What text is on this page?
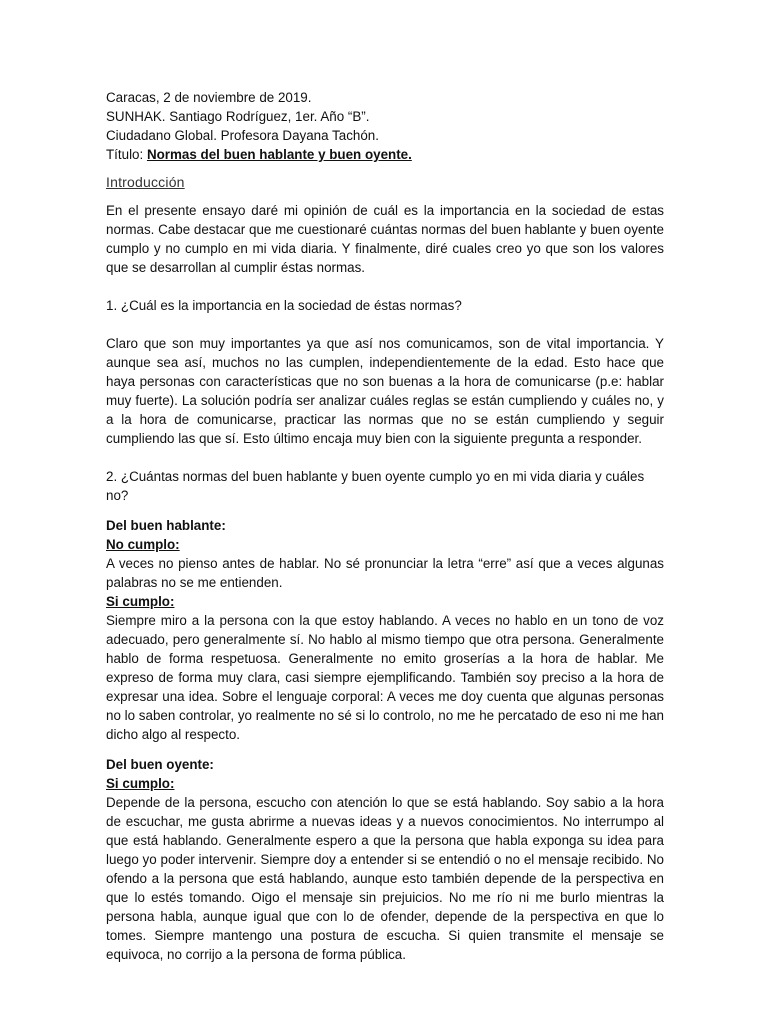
Caracas, 2 de noviembre de 2019.
SUNHAK. Santiago Rodríguez, 1er. Año “B”.
Ciudadano Global. Profesora Dayana Tachón.
Título: Normas del buen hablante y buen oyente.
Introducción
En el presente ensayo daré mi opinión de cuál es la importancia en la sociedad de estas normas. Cabe destacar que me cuestionaré cuántas normas del buen hablante y buen oyente cumplo y no cumplo en mi vida diaria. Y finalmente, diré cuales creo yo que son los valores que se desarrollan al cumplir éstas normas.
1. ¿Cuál es la importancia en la sociedad de éstas normas?
Claro que son muy importantes ya que así nos comunicamos, son de vital importancia. Y aunque sea así, muchos no las cumplen, independientemente de la edad. Esto hace que haya personas con características que no son buenas a la hora de comunicarse (p.e: hablar muy fuerte). La solución podría ser analizar cuáles reglas se están cumpliendo y cuáles no, y a la hora de comunicarse, practicar las normas que no se están cumpliendo y seguir cumpliendo las que sí. Esto último encaja muy bien con la siguiente pregunta a responder.
2. ¿Cuántas normas del buen hablante y buen oyente cumplo yo en mi vida diaria y cuáles no?
Del buen hablante:
No cumplo:
A veces no pienso antes de hablar. No sé pronunciar la letra “erre” así que a veces algunas palabras no se me entienden.
Si cumplo:
Siempre miro a la persona con la que estoy hablando. A veces no hablo en un tono de voz adecuado, pero generalmente sí. No hablo al mismo tiempo que otra persona. Generalmente hablo de forma respetuosa. Generalmente no emito groserías a la hora de hablar. Me expreso de forma muy clara, casi siempre ejemplificando. También soy preciso a la hora de expresar una idea. Sobre el lenguaje corporal: A veces me doy cuenta que algunas personas no lo saben controlar, yo realmente no sé si lo controlo, no me he percatado de eso ni me han dicho algo al respecto.
Del buen oyente:
Si cumplo:
Depende de la persona, escucho con atención lo que se está hablando. Soy sabio a la hora de escuchar, me gusta abrirme a nuevas ideas y a nuevos conocimientos. No interrumpo al que está hablando. Generalmente espero a que la persona que habla exponga su idea para luego yo poder intervenir. Siempre doy a entender si se entendió o no el mensaje recibido. No ofendo a la persona que está hablando, aunque esto también depende de la perspectiva en que lo estés tomando. Oigo el mensaje sin prejuicios. No me río ni me burlo mientras la persona habla, aunque igual que con lo de ofender, depende de la perspectiva en que lo tomes. Siempre mantengo una postura de escucha. Si quien transmite el mensaje se equivoca, no corrijo a la persona de forma pública.
